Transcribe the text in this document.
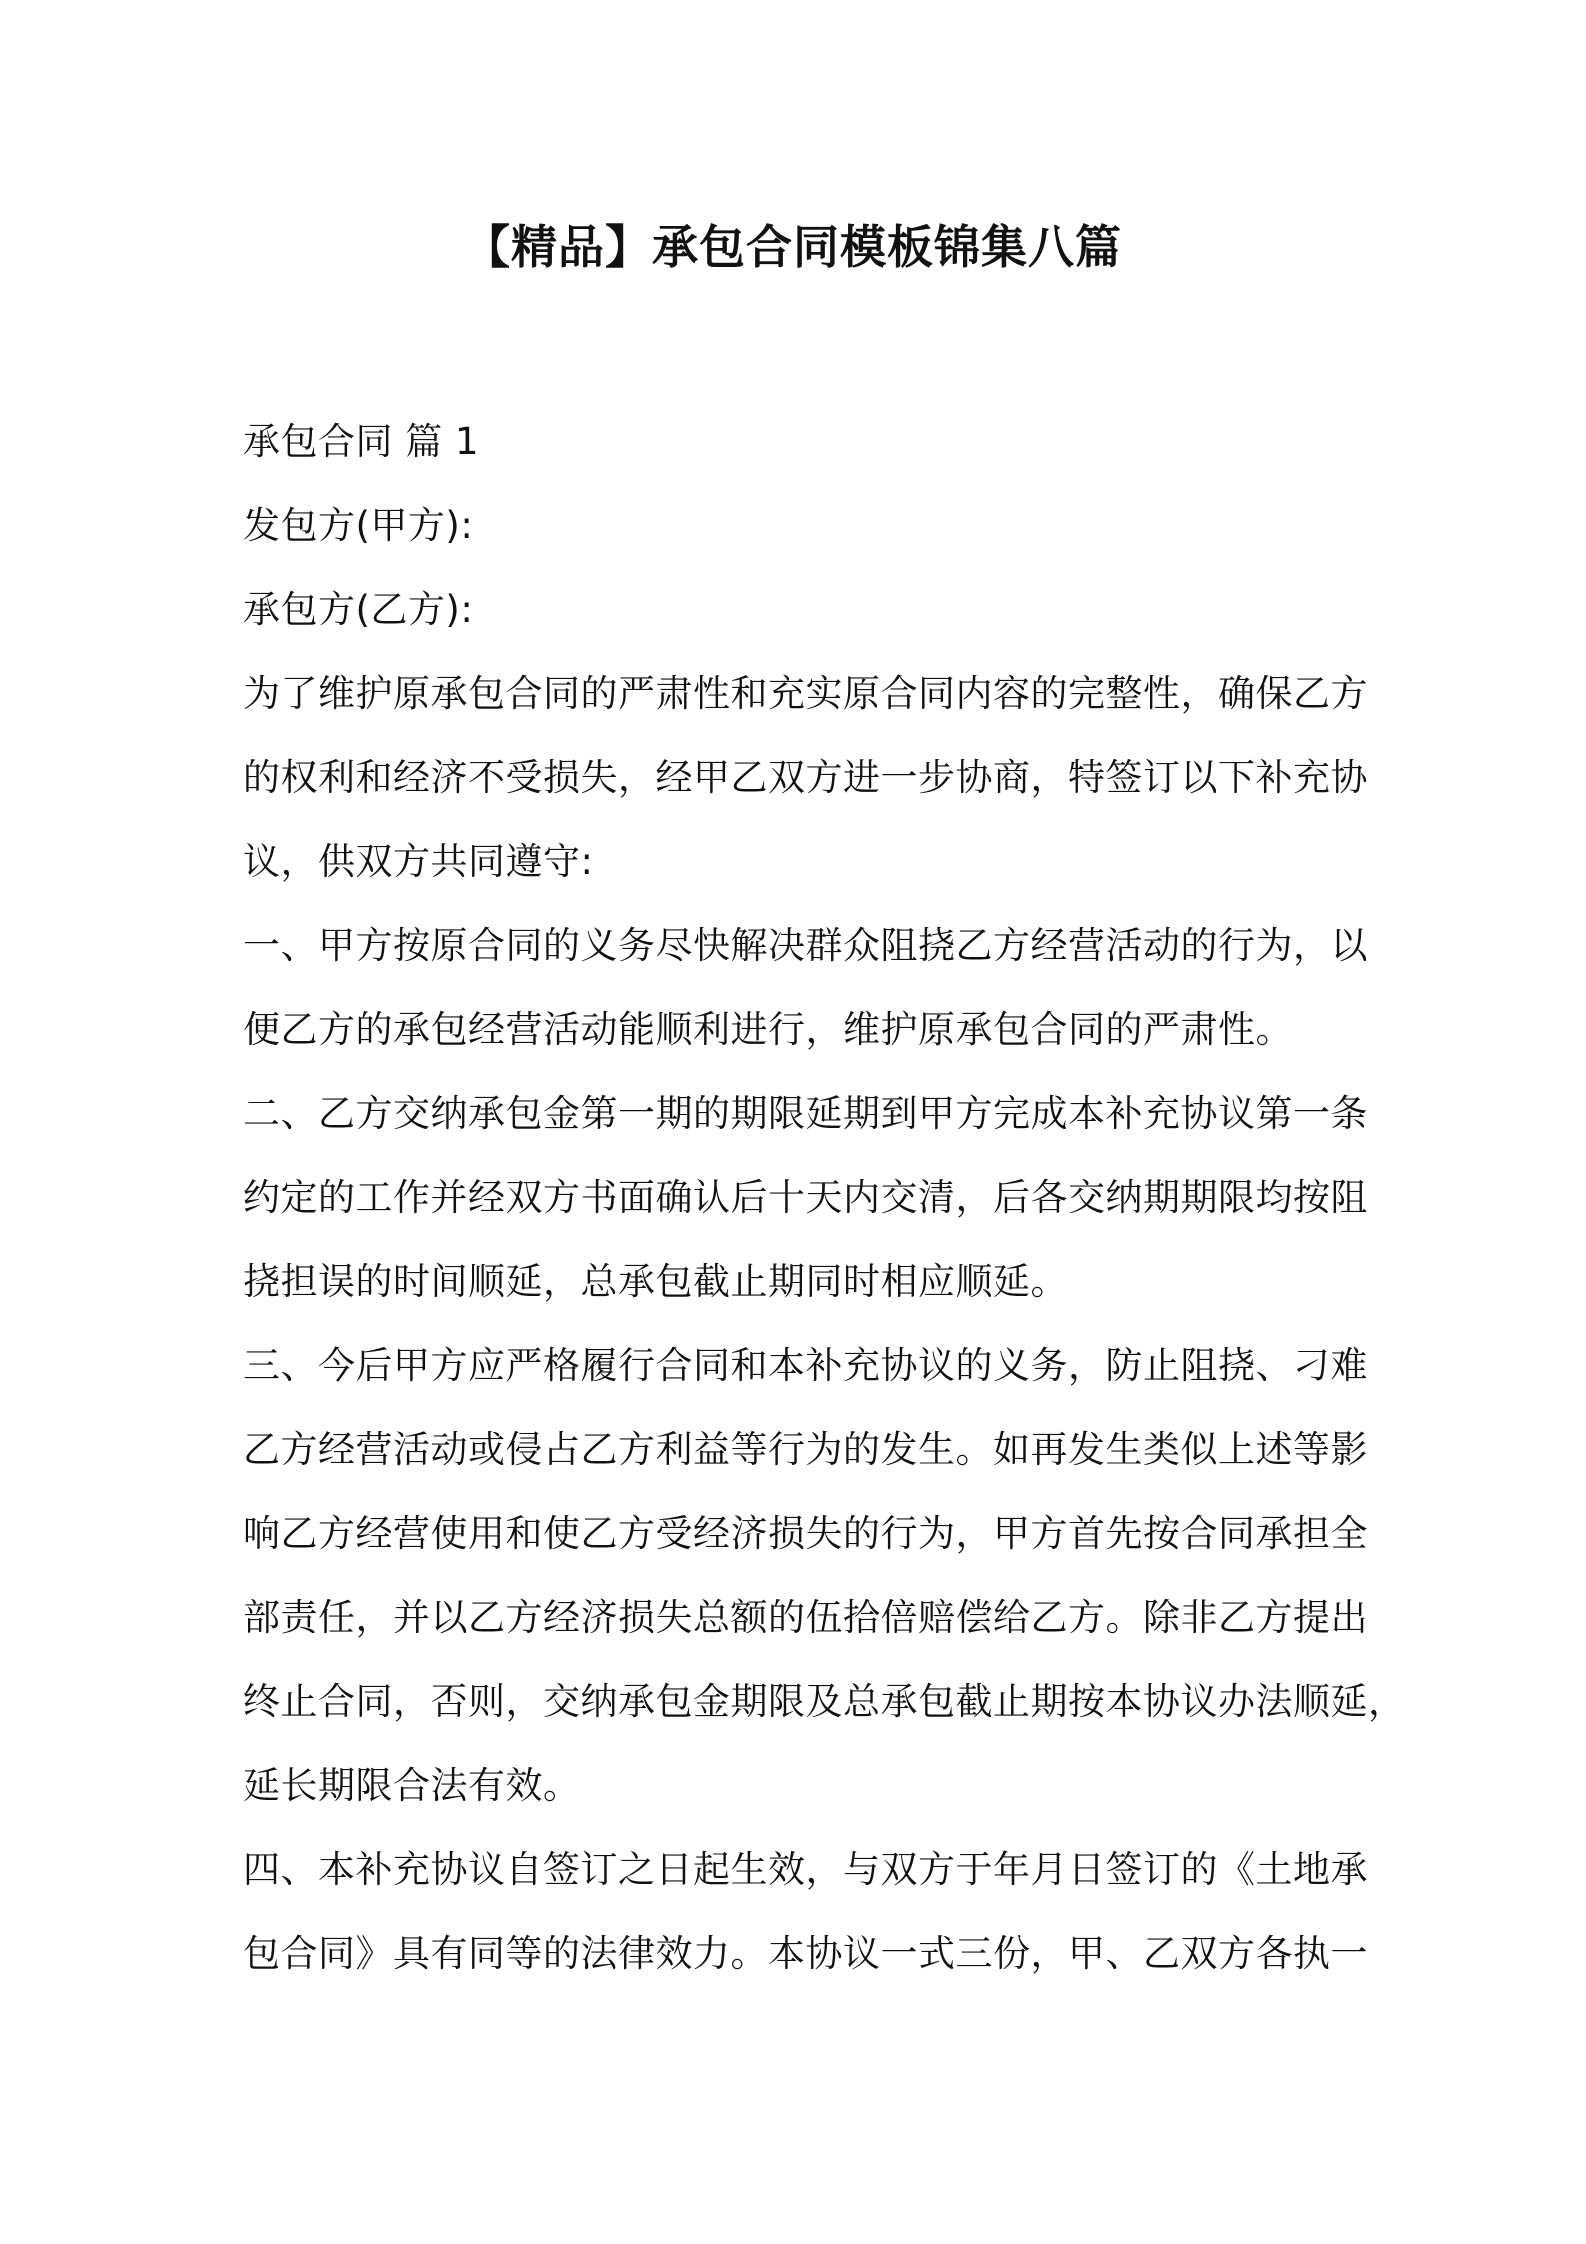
【精品】承包合同模板锦集八篇

承包合同 篇 1

发包方(甲方):

承包方(乙方):

为了维护原承包合同的严肃性和充实原合同内容的完整性，确保乙方

的权利和经济不受损失，经甲乙双方进一步协商，特签订以下补充协

议，供双方共同遵守:

一、甲方按原合同的义务尽快解决群众阻挠乙方经营活动的行为，以

便乙方的承包经营活动能顺利进行，维护原承包合同的严肃性。

二、乙方交纳承包金第一期的期限延期到甲方完成本补充协议第一条

约定的工作并经双方书面确认后十天内交清，后各交纳期期限均按阻

挠担误的时间顺延，总承包截止期同时相应顺延。

三、今后甲方应严格履行合同和本补充协议的义务，防止阻挠、刁难

乙方经营活动或侵占乙方利益等行为的发生。如再发生类似上述等影

响乙方经营使用和使乙方受经济损失的行为，甲方首先按合同承担全

部责任，并以乙方经济损失总额的伍拾倍赔偿给乙方。除非乙方提出

终止合同，否则，交纳承包金期限及总承包截止期按本协议办法顺延，

延长期限合法有效。

四、本补充协议自签订之日起生效，与双方于年月日签订的《土地承

包合同》具有同等的法律效力。本协议一式三份，甲、乙双方各执一
